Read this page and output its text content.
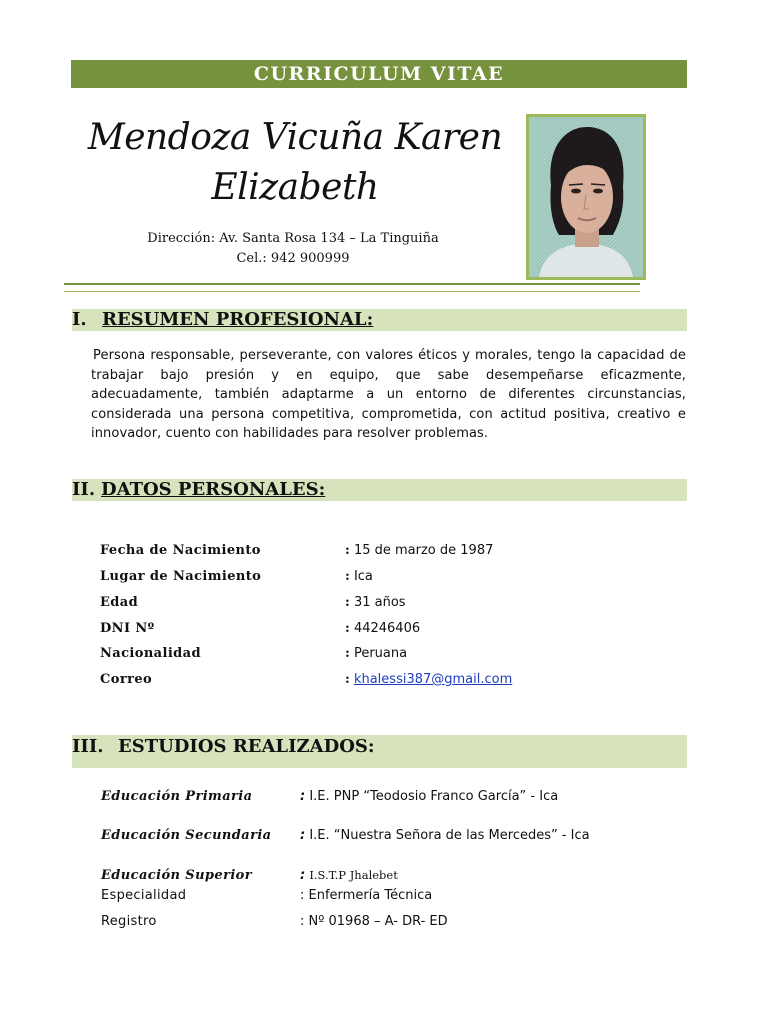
CURRICULUM VITAE
Mendoza Vicuña Karen
Elizabeth
Dirección: Av. Santa Rosa 134 – La Tinguiña
Cel.: 942 900999
I. RESUMEN PROFESIONAL:
Persona responsable, perseverante, con valores éticos y morales, tengo la capacidad de trabajar bajo presión y en equipo, que sabe desempeñarse eficazmente, adecuadamente, también adaptarme a un entorno de diferentes circunstancias, considerada una persona competitiva, comprometida, con actitud positiva, creativo e innovador, cuento con habilidades para resolver problemas.
II. DATOS PERSONALES:
Fecha de Nacimiento	: 15 de marzo de 1987
Lugar de Nacimiento	: Ica
Edad	: 31 años
DNI Nº	: 44246406
Nacionalidad	: Peruana
Correo	: khalessi387@gmail.com
III. ESTUDIOS REALIZADOS:
Educación Primaria	: I.E. PNP “Teodosio Franco García” - Ica
Educación Secundaria : I.E. “Nuestra Señora de las Mercedes” - Ica
Educación Superior	: I.S.T.P Jhalebet
Especialidad	: Enfermería Técnica
Registro	: Nº 01968 – A- DR- ED
